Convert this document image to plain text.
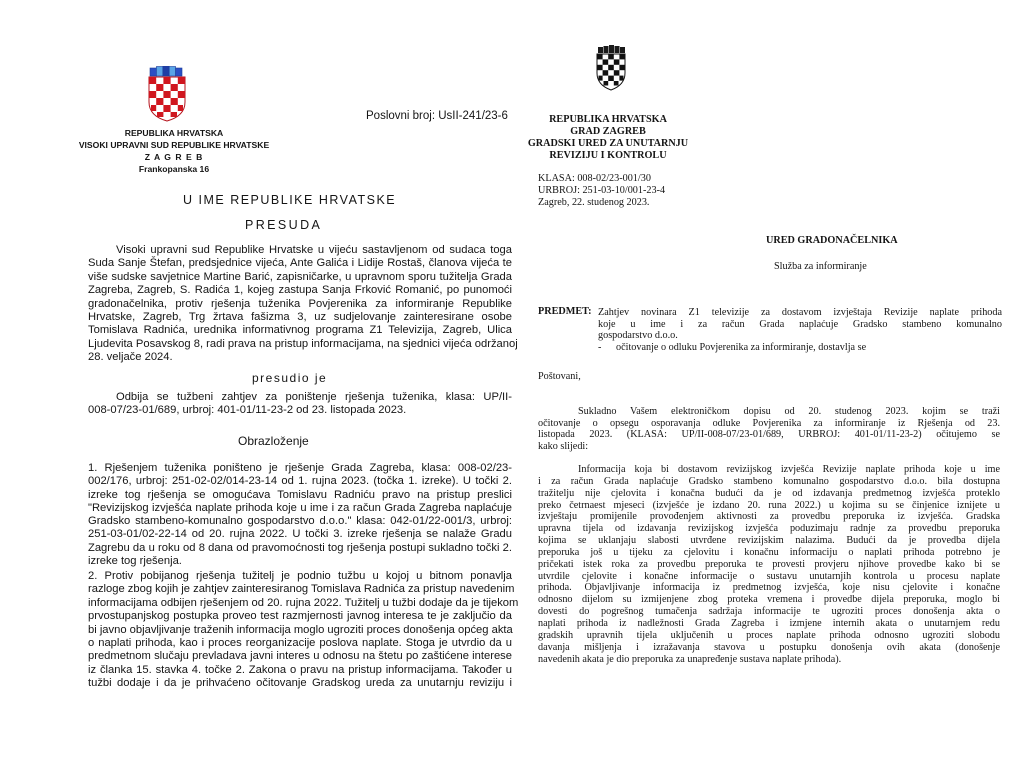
REPUBLIKA HRVATSKA
VISOKI UPRAVNI SUD REPUBLIKE HRVATSKE
Z A G R E B
Frankopanska 16
Poslovni broj: UsII-241/23-6
U IME REPUBLIKE HRVATSKE
PRESUDA
Visoki upravni sud Republike Hrvatske u vijeću sastavljenom od sudaca toga
Suda Sanje Štefan, predsjednice vijeća, Ante Galića i Lidije Rostaš, članova vijeća te
više sudske savjetnice Martine Barić, zapisničarke, u upravnom sporu tužitelja Grada
Zagreba, Zagreb, S. Radića 1, kojeg zastupa Sanja Frković Romanić, po punomoći
gradonačelnika, protiv rješenja tuženika Povjerenika za informiranje Republike
Hrvatske, Zagreb, Trg žrtava fašizma 3, uz sudjelovanje zainteresirane osobe
Tomislava Radnića, urednika informativnog programa Z1 Televizija, Zagreb, Ulica
Ljudevita Posavskog 8, radi prava na pristup informacijama, na sjednici vijeća održanoj
28. veljače 2024.
presudio je
Odbija se tužbeni zahtjev za poništenje rješenja tuženika, klasa: UP/II-
008-07/23-01/689, urbroj: 401-01/11-23-2 od 23. listopada 2023.
Obrazloženje
1. Rješenjem tuženika poništeno je rješenje Grada Zagreba, klasa: 008-02/23-
002/176, urbroj: 251-02-02/014-23-14 od 1. rujna 2023. (točka 1. izreke). U točki 2.
izreke tog rješenja se omogućava Tomislavu Radniću pravo na pristup preslici
"Revizijskog izvješća naplate prihoda koje u ime i za račun Grada Zagreba naplaćuje
Gradsko stambeno-komunalno gospodarstvo d.o.o." klasa: 042-01/22-001/3, urbroj:
251-03-01/02-22-14 od 20. rujna 2022. U točki 3. izreke rješenja se nalaže Gradu
Zagrebu da u roku od 8 dana od pravomoćnosti tog rješenja postupi sukladno točki 2.
izreke tog rješenja.
2. Protiv pobijanog rješenja tužitelj je podnio tužbu u kojoj u bitnom ponavlja
razloge zbog kojih je zahtjev zainteresiranog Tomislava Radnića za pristup navedenim
informacijama odbijen rješenjem od 20. rujna 2022. Tužitelj u tužbi dodaje da je tijekom
prvostupanjskog postupka proveo test razmjernosti javnog interesa te je zaključio da
bi javno objavljivanje traženih informacija moglo ugroziti proces donošenja općeg akta
o naplati prihoda, kao i proces reorganizacije poslova naplate. Stoga je utvrdio da u
predmetnom slučaju prevladava javni interes u odnosu na štetu po zaštićene interese
iz članka 15. stavka 4. točke 2. Zakona o pravu na pristup informacijama. Također u
tužbi dodaje i da je prihvaćeno očitovanje Gradskog ureda za unutarnju reviziju i
REPUBLIKA HRVATSKA
GRAD ZAGREB
GRADSKI URED ZA UNUTARNJU
REVIZIJU I KONTROLU
KLASA: 008-02/23-001/30
URBROJ: 251-03-10/001-23-4
Zagreb, 22. studenog 2023.
URED GRADONAČELNIKA
Služba za informiranje
PREDMET: Zahtjev novinara Z1 televizije za dostavom izvještaja Revizije naplate prihoda
koje u ime i za račun Grada naplaćuje Gradsko stambeno komunalno
gospodarstvo d.o.o.
- očitovanje o odluku Povjerenika za informiranje, dostavlja se
Poštovani,
Sukladno Vašem elektroničkom dopisu od 20. studenog 2023. kojim se traži
očitovanje o opsegu osporavanja odluke Povjerenika za informiranje iz Rješenja od 23.
listopada 2023. (KLASA: UP/II-008-07/23-01/689, URBROJ: 401-01/11-23-2) očitujemo se
kako slijedi:
Informacija koja bi dostavom revizijskog izvješća Revizije naplate prihoda koje u ime
i za račun Grada naplaćuje Gradsko stambeno komunalno gospodarstvo d.o.o. bila dostupna
tražitelju nije cjelovita i konačna budući da je od izdavanja predmetnog izvješća proteklo
preko četrnaest mjeseci (izvješće je izdano 20. runa 2022.) u kojima su se činjenice iznijete u
izvještaju promijenile provođenjem aktivnosti za provedbu preporuka iz izvješća. Gradska
upravna tijela od izdavanja revizijskog izvješća poduzimaju radnje za provedbu preporuka
kojima se uklanjaju slabosti utvrđene revizijskim nalazima. Budući da je provedba dijela
preporuka još u tijeku za cjelovitu i konačnu informaciju o naplati prihoda potrebno je
pričekati istek roka za provedbu preporuka te provesti provjeru njihove provedbe kako bi se
utvrdile cjelovite i konačne informacije o sustavu unutarnjih kontrola u procesu naplate
prihoda. Objavljivanje informacija iz predmetnog izvješća, koje nisu cjelovite i konačne
odnosno dijelom su izmijenjene zbog proteka vremena i provedbe dijela preporuka, moglo bi
dovesti do pogrešnog tumačenja sadržaja informacije te ugroziti proces donošenja akta o
naplati prihoda iz nadležnosti Grada Zagreba i izmjene internih akata o unutarnjem redu
gradskih upravnih tijela uključenih u proces naplate prihoda odnosno ugroziti slobodu
davanja mišljenja i izražavanja stavova u postupku donošenja ovih akata (donošenje
navedenih akata je dio preporuka za unapređenje sustava naplate prihoda).
